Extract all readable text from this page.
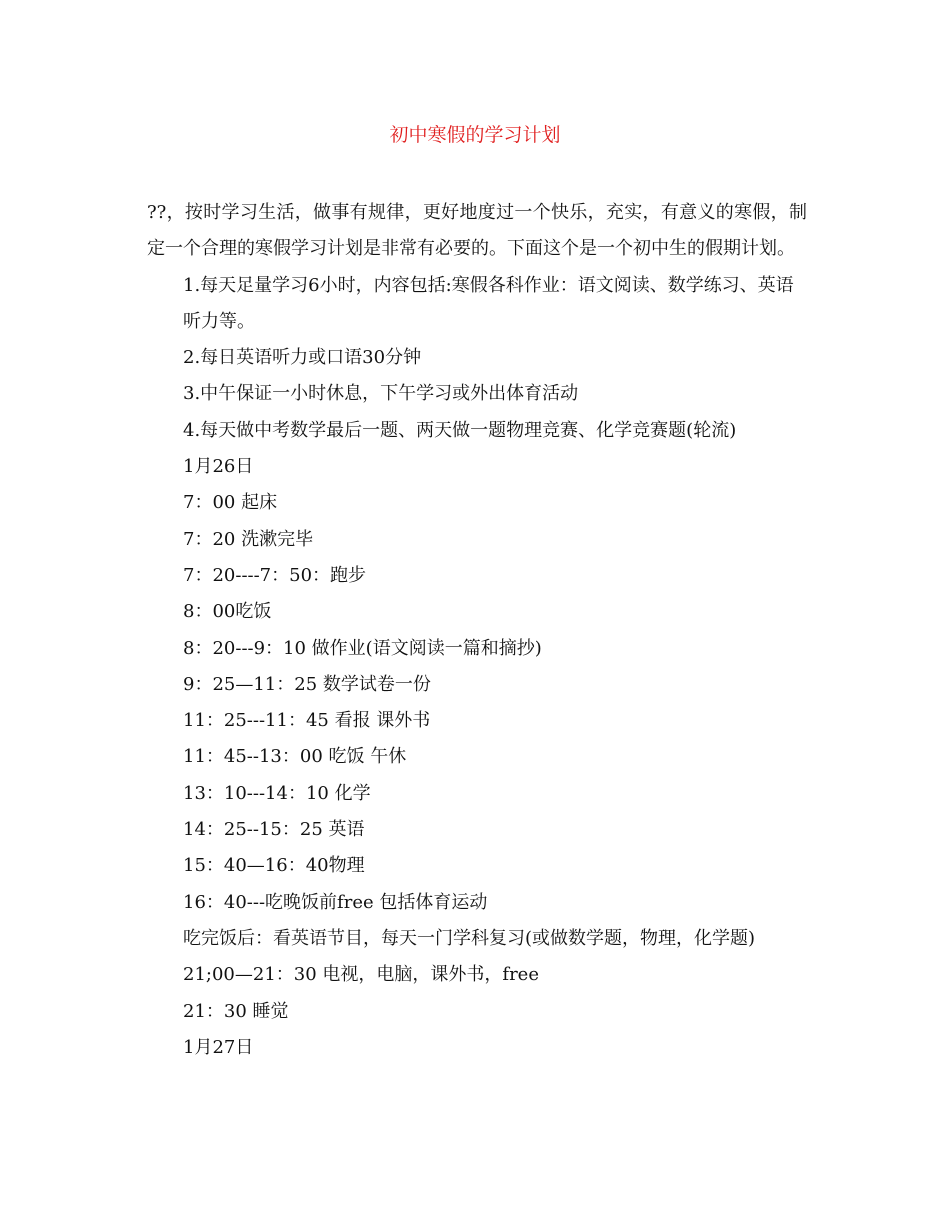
初中寒假的学习计划

??，按时学习生活，做事有规律，更好地度过一个快乐，充实，有意义的寒假，制定一个合理的寒假学习计划是非常有必要的。下面这个是一个初中生的假期计划。

1.每天足量学习6小时，内容包括:寒假各科作业：语文阅读、数学练习、英语听力等。

2.每日英语听力或口语30分钟

3.中午保证一小时休息，下午学习或外出体育活动

4.每天做中考数学最后一题、两天做一题物理竞赛、化学竞赛题(轮流)

1月26日

7：00 起床

7：20 洗漱完毕

7：20----7：50：跑步

8：00吃饭

8：20---9：10 做作业(语文阅读一篇和摘抄)

9：25—11：25 数学试卷一份

11：25---11：45 看报 课外书

11：45--13：00 吃饭 午休

13：10---14：10 化学

14：25--15：25 英语

15：40—16：40物理

16：40---吃晚饭前free 包括体育运动

吃完饭后：看英语节目，每天一门学科复习(或做数学题，物理，化学题)

21;00—21：30 电视，电脑，课外书，free

21：30 睡觉

1月27日
